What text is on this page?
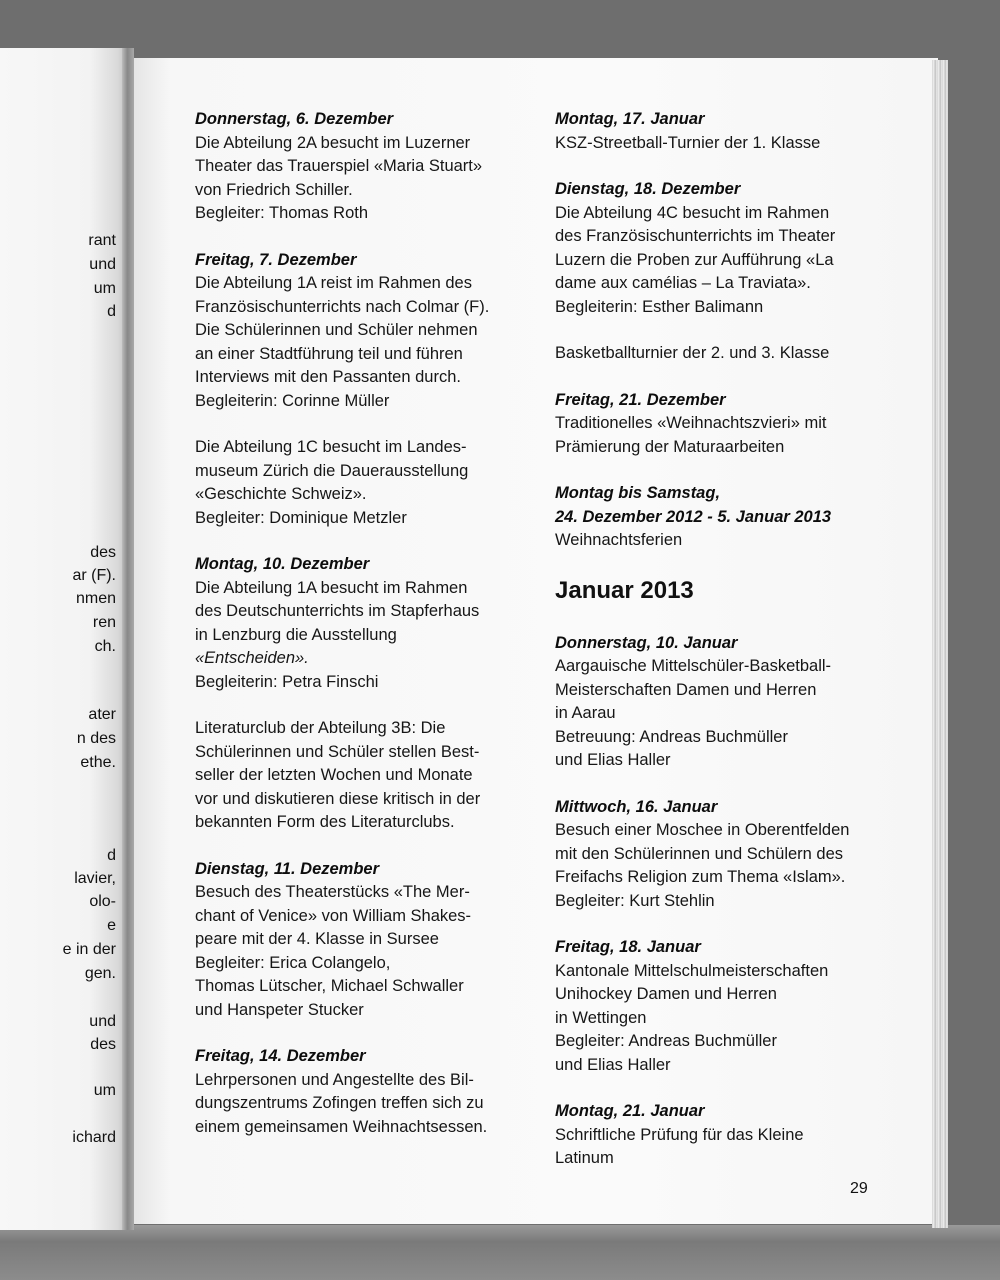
rant
und
um
d
des
ar (F).
nmen
ren
ch.
ater
n des
ethe.
d
lavier,
olo-
e
e in der
gen.
und
des
um
ichard

Donnerstag, 6. Dezember

Die Abteilung 2A besucht im Luzerner

Theater das Trauerspiel «Maria Stuart»

von Friedrich Schiller.

Begleiter: Thomas Roth

Freitag, 7. Dezember

Die Abteilung 1A reist im Rahmen des

Französischunterrichts nach Colmar (F).

Die Schülerinnen und Schüler nehmen

an einer Stadtführung teil und führen

Interviews mit den Passanten durch.

Begleiterin: Corinne Müller

Die Abteilung 1C besucht im Landes-

museum Zürich die Dauerausstellung

«Geschichte Schweiz».

Begleiter: Dominique Metzler

Montag, 10. Dezember

Die Abteilung 1A besucht im Rahmen

des Deutschunterrichts im Stapferhaus

in Lenzburg die Ausstellung

«Entscheiden».

Begleiterin: Petra Finschi

Literaturclub der Abteilung 3B: Die

Schülerinnen und Schüler stellen Best-

seller der letzten Wochen und Monate

vor und diskutieren diese kritisch in der

bekannten Form des Literaturclubs.

Dienstag, 11. Dezember

Besuch des Theaterstücks «The Mer-

chant of Venice» von William Shakes-

peare mit der 4. Klasse in Sursee

Begleiter: Erica Colangelo,

Thomas Lütscher, Michael Schwaller

und Hanspeter Stucker

Freitag, 14. Dezember

Lehrpersonen und Angestellte des Bil-

dungszentrums Zofingen treffen sich zu

einem gemeinsamen Weihnachtsessen.

Montag, 17. Januar

KSZ-Streetball-Turnier der 1. Klasse

Dienstag, 18. Dezember

Die Abteilung 4C besucht im Rahmen

des Französischunterrichts im Theater

Luzern die Proben zur Aufführung «La

dame aux camélias – La Traviata».

Begleiterin: Esther Balimann

Basketballturnier der 2. und 3. Klasse

Freitag, 21. Dezember

Traditionelles «Weihnachtszvieri» mit

Prämierung der Maturaarbeiten

Montag bis Samstag,

24. Dezember 2012 - 5. Januar 2013

Weihnachtsferien

Januar 2013

Donnerstag, 10. Januar

Aargauische Mittelschüler-Basketball-

Meisterschaften Damen und Herren

in Aarau

Betreuung: Andreas Buchmüller

und Elias Haller

Mittwoch, 16. Januar

Besuch einer Moschee in Oberentfelden

mit den Schülerinnen und Schülern des

Freifachs Religion zum Thema «Islam».

Begleiter: Kurt Stehlin

Freitag, 18. Januar

Kantonale Mittelschulmeisterschaften

Unihockey Damen und Herren

in Wettingen

Begleiter: Andreas Buchmüller

und Elias Haller

Montag, 21. Januar

Schriftliche Prüfung für das Kleine

Latinum

29
